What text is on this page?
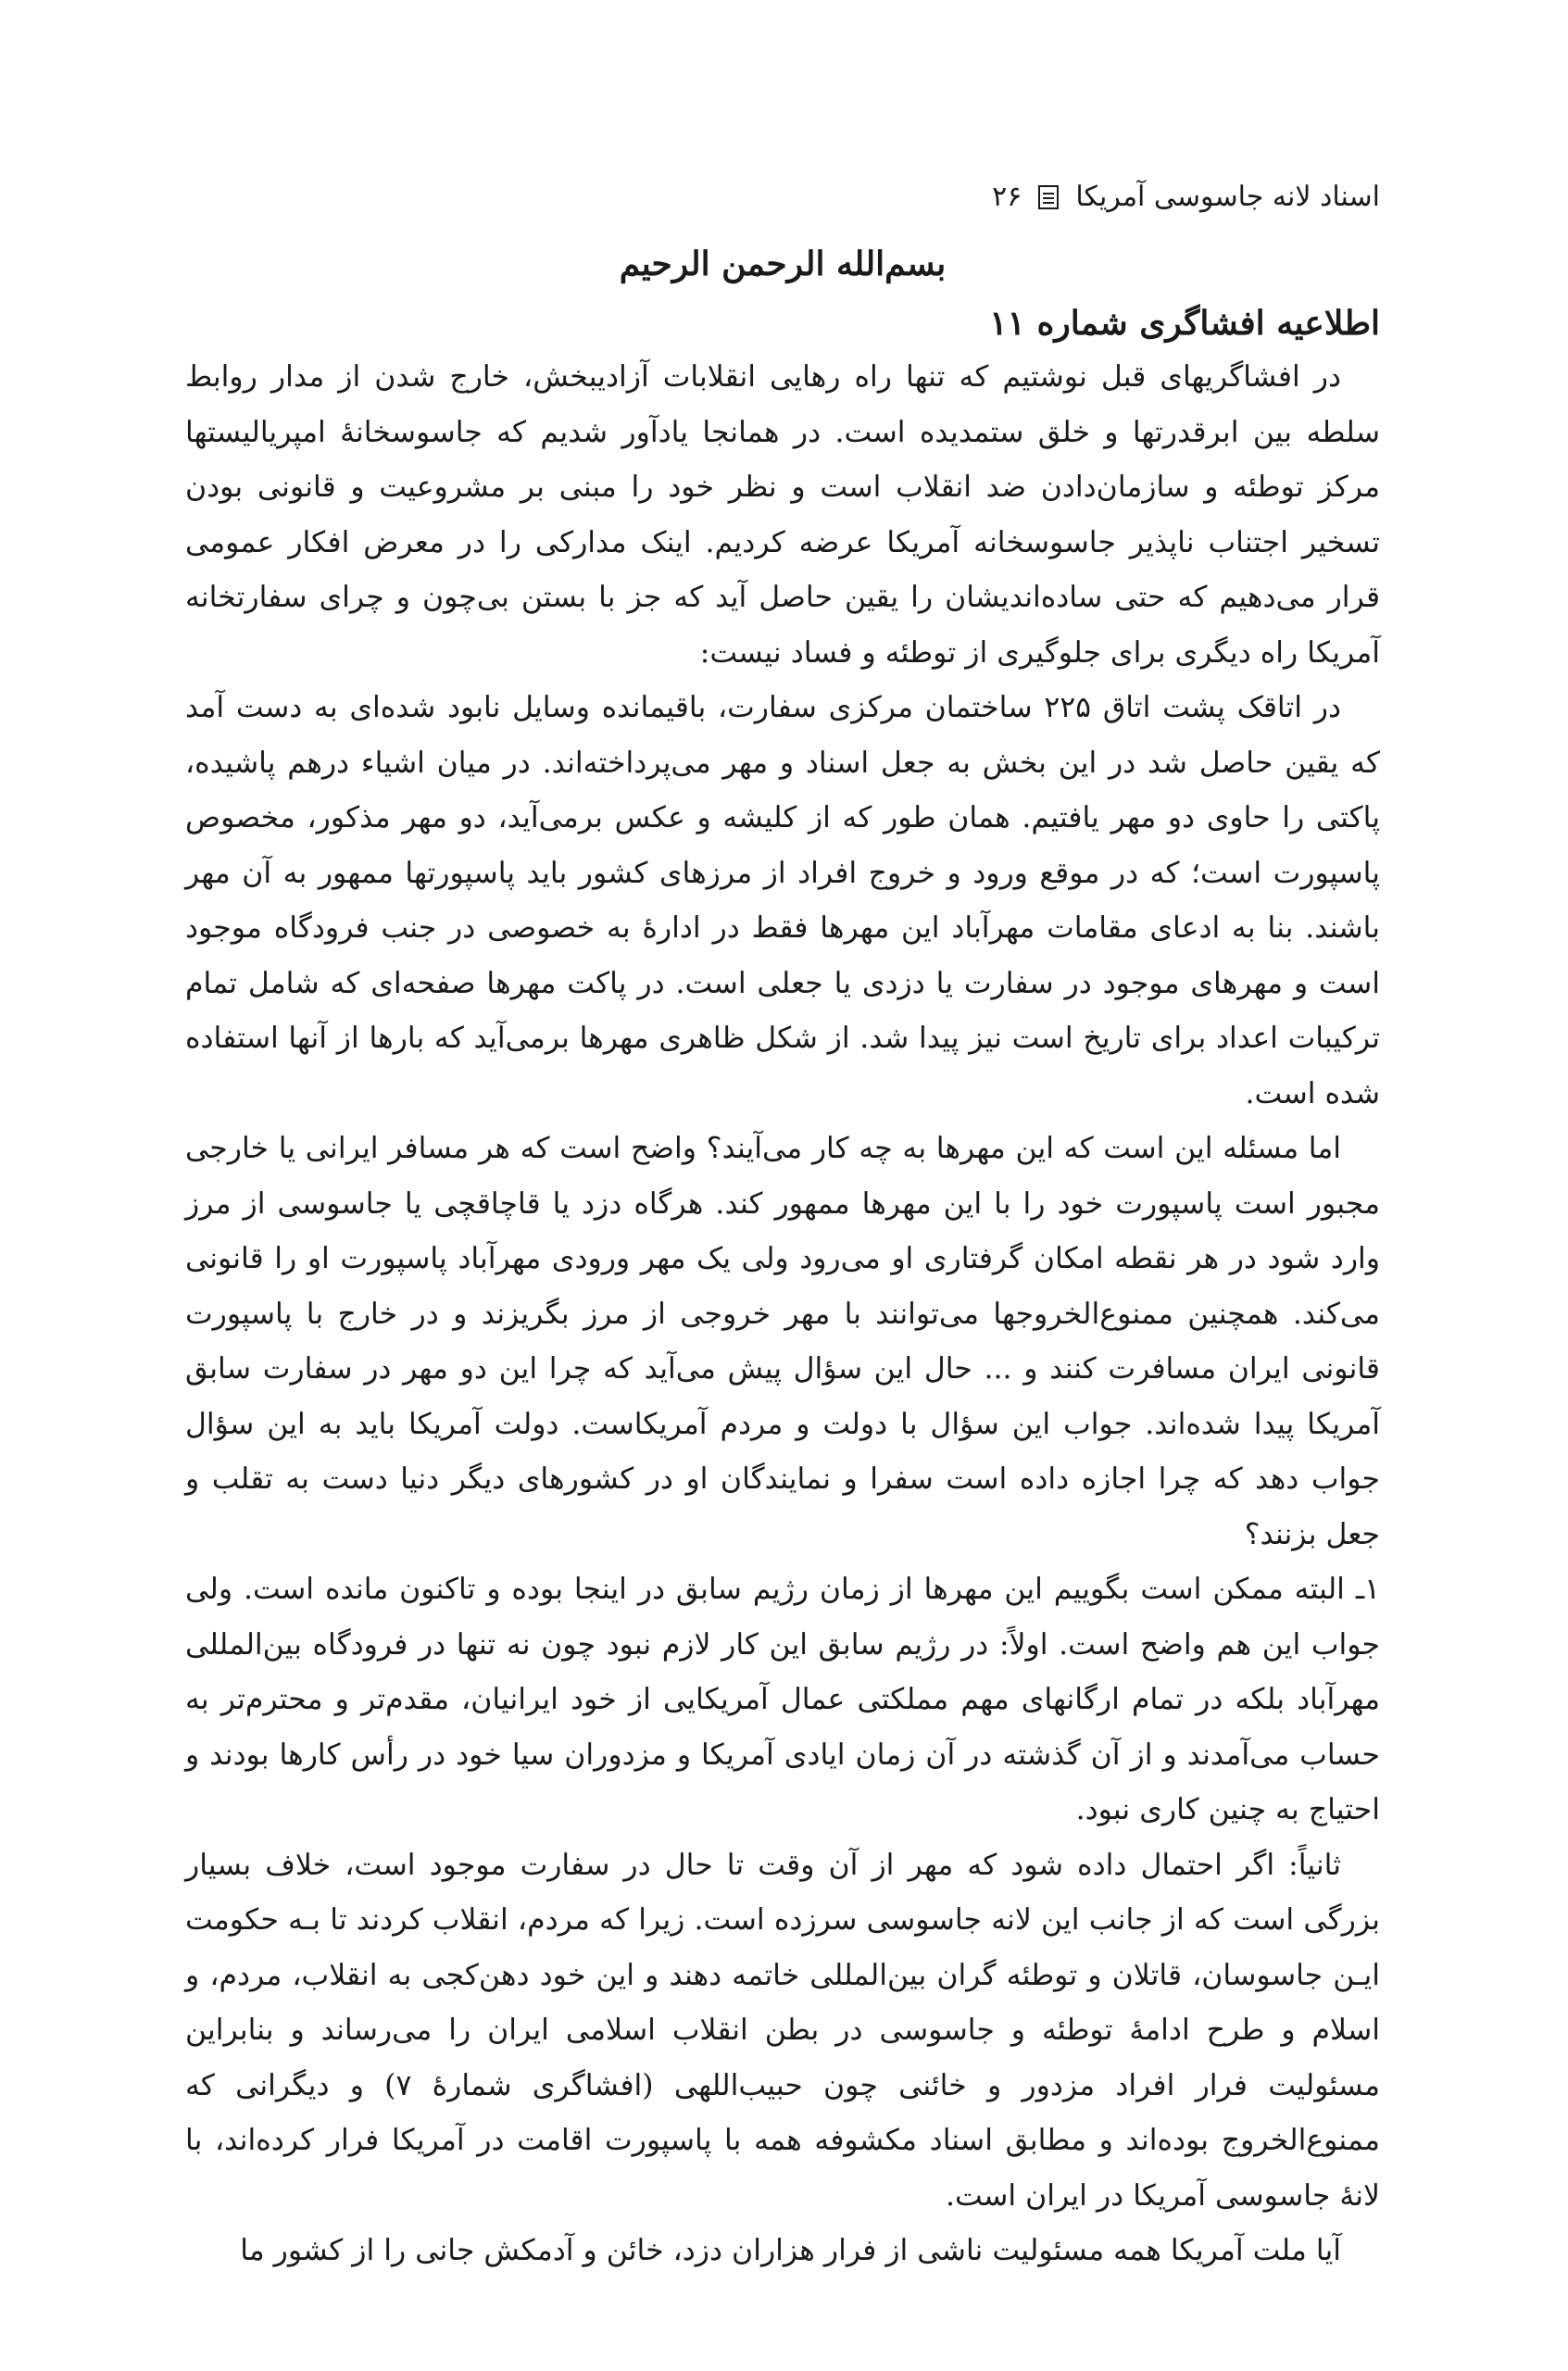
اسناد لانه جاسوسی آمریکا
۲۶
بسم‌الله الرحمن الرحیم
اطلاعیه افشاگری شماره ۱۱

در افشاگریهای قبل نوشتیم که تنها راه رهایی انقلابات آزادیبخش، خارج شدن از مدار روابط سلطه بین ابرقدرتها و خلق ستمدیده است. در همانجا یادآور شدیم که جاسوسخانهٔ امپریالیستها مرکز توطئه و سازمان‌دادن ضد انقلاب است و نظر خود را مبنی بر مشروعیت و قانونی بودن تسخیر اجتناب ناپذیر جاسوسخانه آمریکا عرضه کردیم. اینک مدارکی را در معرض افکار عمومی قرار می‌دهیم که حتی ساده‌اندیشان را یقین حاصل آید که جز با بستن بی‌چون و چرای سفارتخانه آمریکا راه دیگری برای جلوگیری از توطئه و فساد نیست:

در اتاقک پشت اتاق ۲۲۵ ساختمان مرکزی سفارت، باقیمانده وسایل نابود شده‌ای به دست آمد که یقین حاصل شد در این بخش به جعل اسناد و مهر می‌پرداخته‌اند. در میان اشیاء درهم پاشیده، پاکتی را حاوی دو مهر یافتیم. همان طور که از کلیشه و عکس برمی‌آید، دو مهر مذکور، مخصوص پاسپورت است؛ که در موقع ورود و خروج افراد از مرزهای کشور باید پاسپورتها ممهور به آن مهر باشند. بنا به ادعای مقامات مهرآباد این مهرها فقط در ادارهٔ به خصوصی در جنب فرودگاه موجود است و مهرهای موجود در سفارت یا دزدی یا جعلی است. در پاکت مهرها صفحه‌ای که شامل تمام ترکیبات اعداد برای تاریخ است نیز پیدا شد. از شکل ظاهری مهرها برمی‌آید که بارها از آنها استفاده شده است.

اما مسئله این است که این مهرها به چه کار می‌آیند؟ واضح است که هر مسافر ایرانی یا خارجی مجبور است پاسپورت خود را با این مهرها ممهور کند. هرگاه دزد یا قاچاقچی یا جاسوسی از مرز وارد شود در هر نقطه امکان گرفتاری او می‌رود ولی یک مهر ورودی مهرآباد پاسپورت او را قانونی می‌کند. همچنین ممنوع‌الخروجها می‌توانند با مهر خروجی از مرز بگریزند و در خارج با پاسپورت قانونی ایران مسافرت کنند و ... حال این سؤال پیش می‌آید که چرا این دو مهر در سفارت سابق آمریکا پیدا شده‌اند. جواب این سؤال با دولت و مردم آمریکاست. دولت آمریکا باید به این سؤال جواب دهد که چرا اجازه داده است سفرا و نمایندگان او در کشورهای دیگر دنیا دست به تقلب و جعل بزنند؟

۱ـ البته ممکن است بگوییم این مهرها از زمان رژیم سابق در اینجا بوده و تاکنون مانده است. ولی جواب این هم واضح است. اولاً: در رژیم سابق این کار لازم نبود چون نه تنها در فرودگاه بین‌المللی مهرآباد بلکه در تمام ارگانهای مهم مملکتی عمال آمریکایی از خود ایرانیان، مقدم‌تر و محترم‌تر به حساب می‌آمدند و از آن گذشته در آن زمان ایادی آمریکا و مزدوران سیا خود در رأس کارها بودند و احتیاج به چنین کاری نبود.

ثانیاً: اگر احتمال داده شود که مهر از آن وقت تا حال در سفارت موجود است، خلاف بسیار بزرگی است که از جانب این لانه جاسوسی سرزده است. زیرا که مردم، انقلاب کردند تا بـه حکومت ایـن جاسوسان، قاتلان و توطئه گران بین‌المللی خاتمه دهند و این خود دهن‌کجی به انقلاب، مردم، و اسلام و طرح ادامهٔ توطئه و جاسوسی در بطن انقلاب اسلامی ایران را می‌رساند و بنابراین مسئولیت فرار افراد مزدور و خائنی چون حبیب‌اللهی (افشاگری شمارهٔ ۷) و دیگرانی که ممنوع‌الخروج بوده‌اند و مطابق اسناد مکشوفه همه با پاسپورت اقامت در آمریکا فرار کرده‌اند، با لانهٔ جاسوسی آمریکا در ایران است.

آیا ملت آمریکا همه مسئولیت ناشی از فرار هزاران دزد، خائن و آدمکش جانی را از کشور ما
